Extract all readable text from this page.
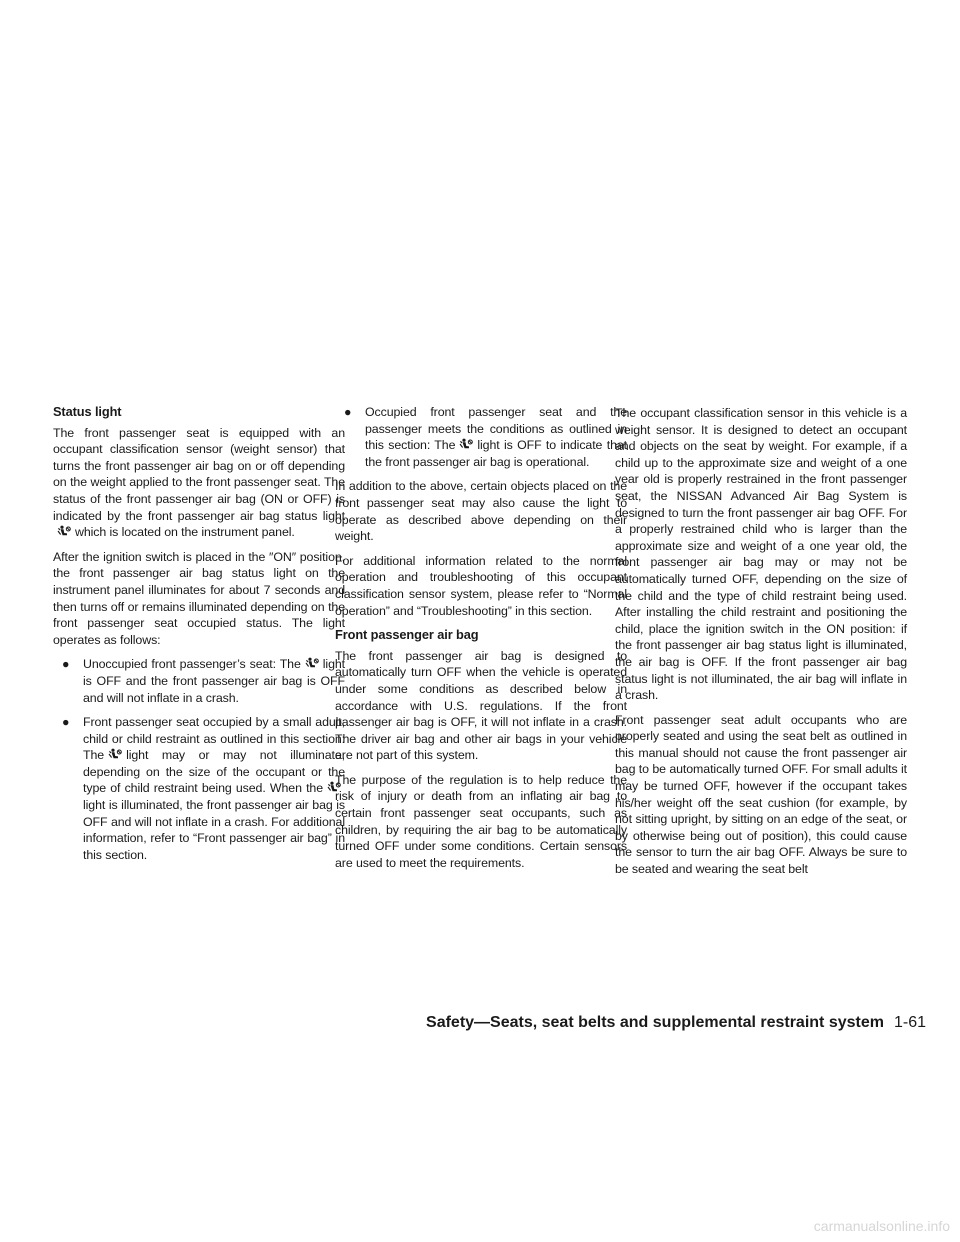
Status light

The front passenger seat is equipped with an occupant classification sensor (weight sensor) that turns the front passenger air bag on or off depending on the weight applied to the front passenger seat. The status of the front passenger air bag (ON or OFF) is indicated by the front passenger air bag status light
which is located on the instrument panel.

After the ignition switch is placed in the ″ON″ position, the front passenger air bag status light on the instrument panel illuminates for about 7 seconds and then turns off or remains illuminated depending on the front passenger seat occupied status. The light operates as follows:

● Unoccupied front passenger’s seat: The light is OFF and the front passenger air bag is OFF and will not inflate in a crash.
● Front passenger seat occupied by a small adult, child or child restraint as outlined in this section: The light may or may not illuminate, depending on the size of the occupant or the type of child restraint being used. When the
light is illuminated, the front passenger air bag is OFF and will not inflate in a crash. For additional information, refer to “Front passenger air bag” in this section.
● Occupied front passenger seat and the passenger meets the conditions as outlined in this section: The light is OFF to indicate that the front passenger air bag is operational.

In addition to the above, certain objects placed on the front passenger seat may also cause the light to operate as described above depending on their weight.

For additional information related to the normal operation and troubleshooting of this occupant classification sensor system, please refer to “Normal operation” and “Troubleshooting” in this section.

Front passenger air bag

The front passenger air bag is designed to automatically turn OFF when the vehicle is operated under some conditions as described below in accordance with U.S. regulations. If the front passenger air bag is OFF, it will not inflate in a crash. The driver air bag and other air bags in your vehicle are not part of this system.

The purpose of the regulation is to help reduce the risk of injury or death from an inflating air bag to certain front passenger seat occupants, such as children, by requiring the air bag to be automatically turned OFF under some conditions. Certain sensors are used to meet the requirements.

The occupant classification sensor in this vehicle is a weight sensor. It is designed to detect an occupant and objects on the seat by weight. For example, if a child up to the approximate size and weight of a one year old is properly restrained in the front passenger seat, the NISSAN Advanced Air Bag System is designed to turn the front passenger air bag OFF. For a properly restrained child who is larger than the approximate size and weight of a one year old, the front passenger air bag may or may not be automatically turned OFF, depending on the size of the child and the type of child restraint being used. After installing the child restraint and positioning the child, place the ignition switch in the ON position: if the front passenger air bag status light is illuminated, the air bag is OFF. If the front passenger air bag status light is not illuminated, the air bag will inflate in a crash.

Front passenger seat adult occupants who are properly seated and using the seat belt as outlined in this manual should not cause the front passenger air bag to be automatically turned OFF. For small adults it may be turned OFF, however if the occupant takes his/her weight off the seat cushion (for example, by not sitting upright, by sitting on an edge of the seat, or by otherwise being out of position), this could cause the sensor to turn the air bag OFF. Always be sure to be seated and wearing the seat belt

Safety—Seats, seat belts and supplemental restraint system 1-61
carmanualsonline.info
